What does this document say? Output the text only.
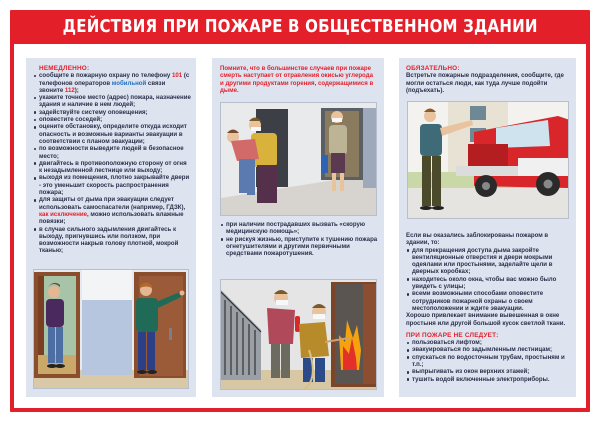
ДЕЙСТВИЯ ПРИ ПОЖАРЕ В ОБЩЕСТВЕННОМ ЗДАНИИ
НЕМЕДЛЕННО:
сообщите в пожарную охрану по телефону 101 (с телефонов операторов мобильной связи звоните 112);
укажите точное место (адрес) пожара, назначение здания и наличие в нем людей;
задействуйте систему оповещения;
оповестите соседей;
оцените обстановку, определите откуда исходит опасность и возможные варианты эвакуации в соответствии с планом эвакуации;
по возможности выведите людей в безопасное место;
двигайтесь в противоположную сторону от огня к незадымленной лестнице или выходу;
выходя из помещения, плотно закрывайте двери - это уменьшит скорость распространения пожара;
для защиты от дыма при эвакуации следует использовать самоспасатели (например, ГДЗК), как исключение, можно использовать влажные повязки;
в случае сильного задымления двигайтесь к выходу, пригнувшись или ползком, при возможности накрыв голову плотной, мокрой тканью;
Помните, что в большинстве случаев при пожаре смерть наступает от отравления окисью углерода и другими продуктами горения, содержащимися в дыме.
при наличии пострадавших вызвать «скорую медицинскую помощь»;
не рискуя жизнью, приступите к тушению пожара огнетушителями и другими первичными средствами пожаротушения.
ОБЯЗАТЕЛЬНО:
Встретьте пожарные подразделения, сообщите, где могли остаться люди, как туда лучше подойти (подъехать).
Если вы оказались заблокированы пожаром в здании, то:
для прекращения доступа дыма закройте вентиляционные отверстия и двери мокрыми одеялами или простынями, заделайте щели в дверных коробках;
находитесь около окна, чтобы вас можно было увидеть с улицы;
всеми возможными способами оповестите сотрудников пожарной охраны о своем местоположении и ждите эвакуации.
Хорошо привлекает внимание вывешенная в окне простыня или другой большой кусок светлой ткани.
ПРИ ПОЖАРЕ НЕ СЛЕДУЕТ:
пользоваться лифтом;
эвакуироваться по задымленным лестницам;
спускаться по водосточным трубам, простыням и т.п.;
выпрыгивать из окон верхних этажей;
тушить водой включенные электроприборы.
